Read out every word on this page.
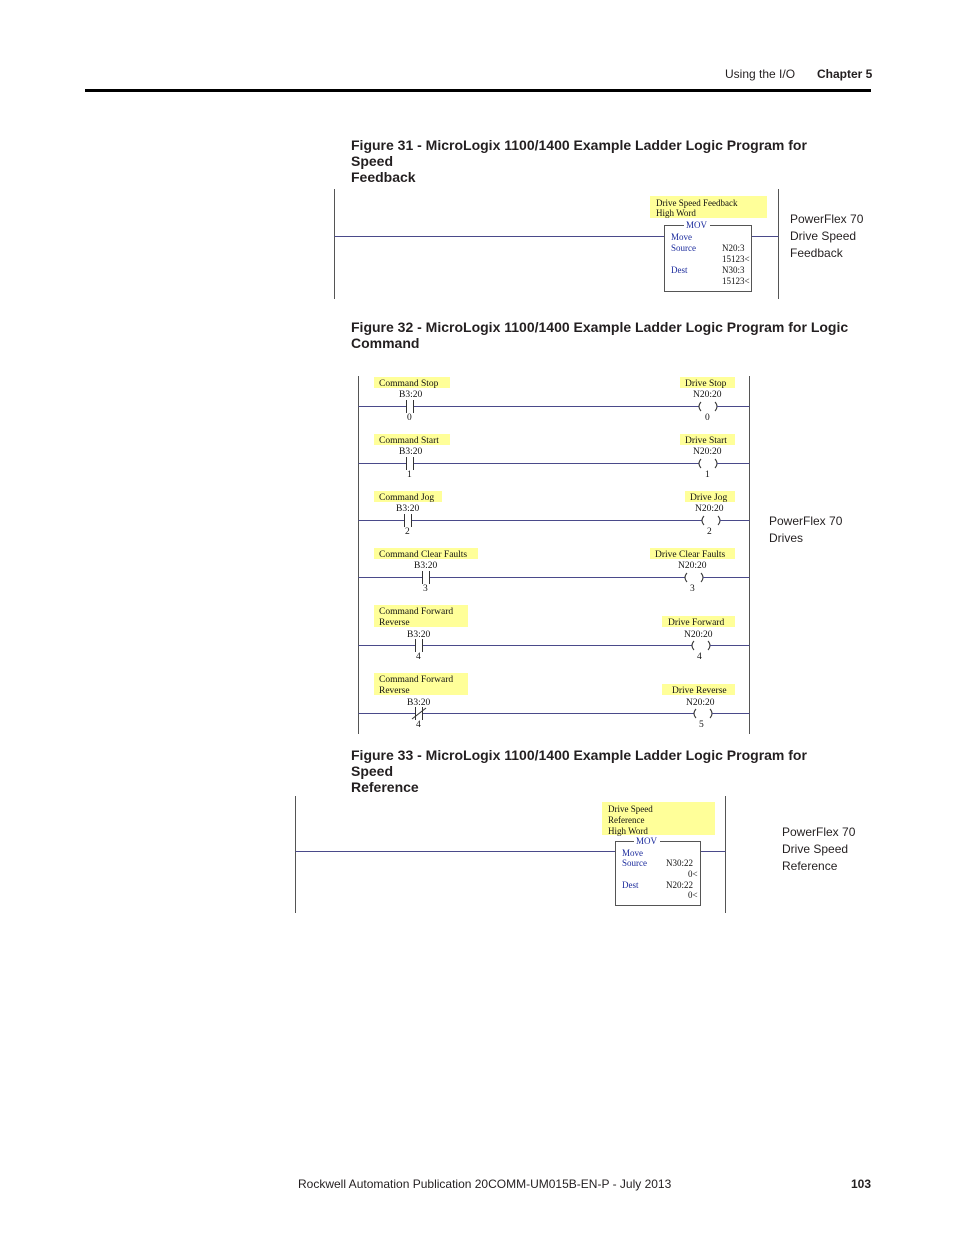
Using the I/O Chapter 5
Figure 31 - MicroLogix 1100/1400 Example Ladder Logic Program for Speed
Feedback
Drive Speed Feedback
High Word
MOV
Move
Source	N20:3
15123<
Dest	N30:3
15123<
PowerFlex 70
Drive Speed
Feedback
Figure 32 - MicroLogix 1100/1400 Example Ladder Logic Program for Logic
Command
Command Stop	Drive Stop
B3:20	N20:20
0	0
Command Start	Drive Start
B3:20	N20:20
1	1
Command Jog	Drive Jog
B3:20	N20:20
2	2
Command Clear Faults	Drive Clear Faults
B3:20	N20:20
3	3
Command Forward
Reverse	Drive Forward
B3:20	N20:20
4	4
Command Forward
Reverse	Drive Reverse
B3:20	N20:20
4	5
PowerFlex 70
Drives
Figure 33 - MicroLogix 1100/1400 Example Ladder Logic Program for Speed
Reference
Drive Speed
Reference
High Word
MOV
Move
Source N30:22
0<
Dest	N20:22
0<
PowerFlex 70
Drive Speed
Reference
Rockwell Automation Publication 20COMM-UM015B-EN-P - July 2013	103
